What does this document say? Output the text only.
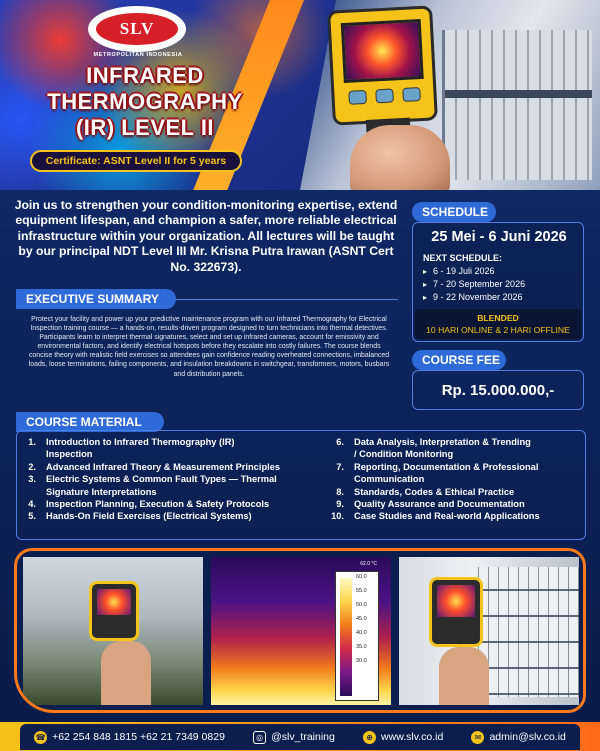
SLV
METROPOLITAN INDONESIA
INFRARED
THERMOGRAPHY
(IR) LEVEL II
Certificate: ASNT Level II for 5 years
Join us to strengthen your condition-monitoring expertise, extend equipment lifespan, and champion a safer, more reliable electrical infrastructure within your organization. All lectures will be taught by our principal NDT Level III Mr. Krisna Putra Irawan (ASNT Cert No. 322673).
EXECUTIVE SUMMARY
Protect your facility and power up your predictive maintenance program with our Infrared Thermography for Electrical Inspection training course — a hands-on, results-driven program designed to turn technicians into thermal detectives. Participants learn to interpret thermal signatures, select and set up infrared cameras, account for emissivity and environmental factors, and identify electrical hotspots before they escalate into costly failures. The course blends concise theory with realistic field exercises so attendees gain confidence reading overheated connections, imbalanced loads, loose terminations, failing components, and insulation breakdowns in switchgear, transformers, motors, busbars and distribution panels.
SCHEDULE
25 Mei - 6 Juni 2026
NEXT SCHEDULE:
▸ 6 - 19 Juli 2026
▸ 7 - 20 September 2026
▸ 9 - 22 November 2026
BLENDED
10 HARI ONLINE & 2 HARI OFFLINE
COURSE FEE
Rp. 15.000.000,-
COURSE MATERIAL
1.	Introduction to Infrared Thermography (IR)
Inspection
2.	Advanced Infrared Theory & Measurement Principles
3.	Electric Systems & Common Fault Types — Thermal
Signature Interpretations
4.	Inspection Planning, Execution & Safety Protocols
5.	Hands-On Field Exercises (Electrical Systems)
6.	Data Analysis, Interpretation & Trending
/ Condition Monitoring
7.	Reporting, Documentation & Professional
Communication
8.	Standards, Codes & Ethical Practice
9.	Quality Assurance and Documentation
10.	Case Studies and Real-world Applications
62.0 °C
60.0
55.0
50.0
45.0
40.0
35.0
30.0
☎ +62 254 848 1815 +62 21 7349 0829	◎ @slv_training	⊕ www.slv.co.id	✉ admin@slv.co.id
